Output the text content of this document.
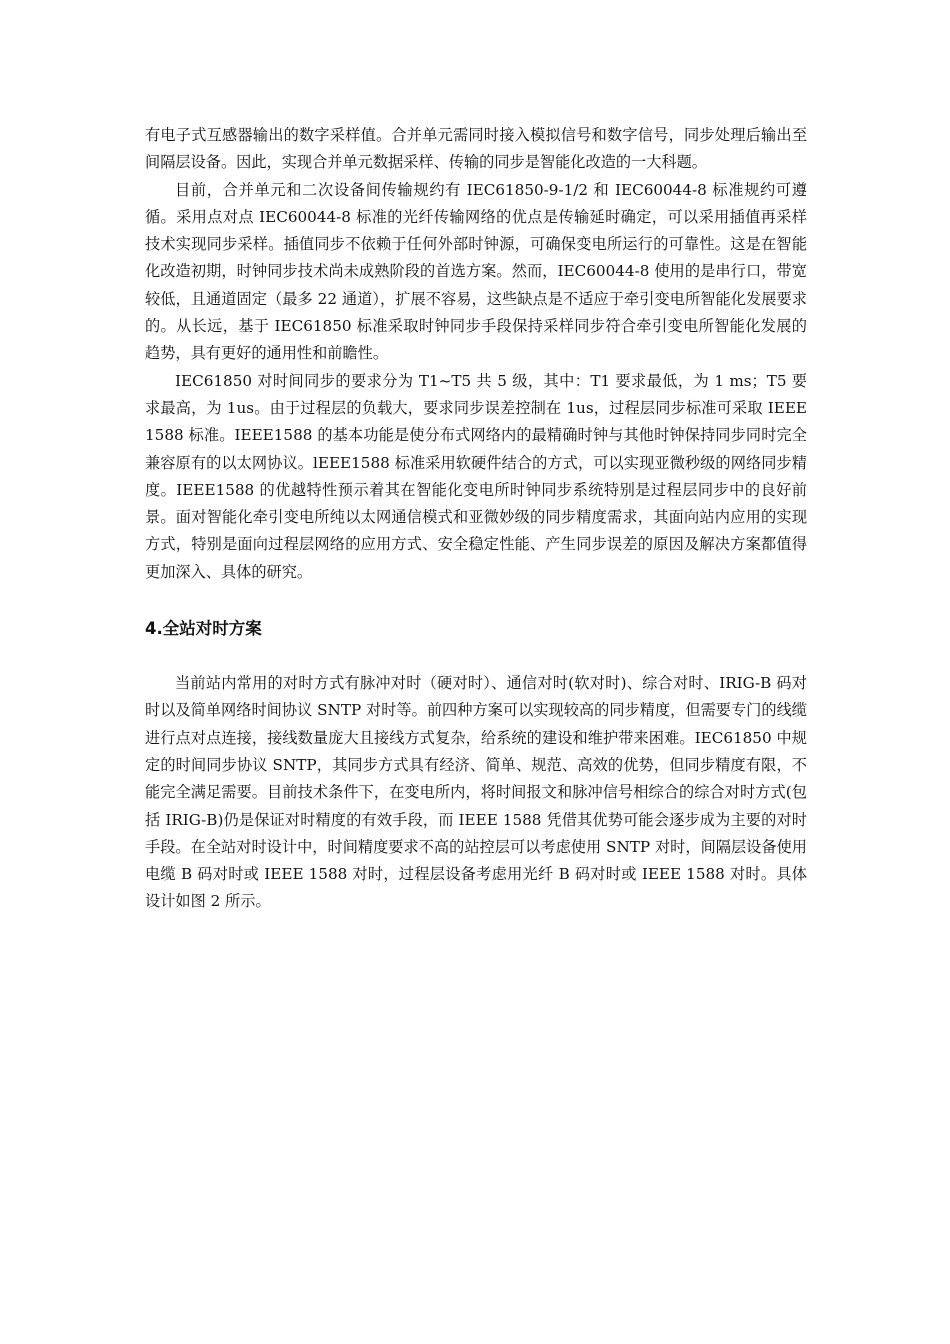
有电子式互感器输出的数字采样值。合并单元需同时接入模拟信号和数字信号，同步处理后输出至间隔层设备。因此，实现合并单元数据采样、传输的同步是智能化改造的一大科题。

目前，合并单元和二次设备间传输规约有 IEC61850-9-1/2 和 IEC60044-8 标准规约可遵循。采用点对点 IEC60044-8 标准的光纤传输网络的优点是传输延时确定，可以采用插值再采样技术实现同步采样。插值同步不依赖于任何外部时钟源，可确保变电所运行的可靠性。这是在智能化改造初期，时钟同步技术尚未成熟阶段的首选方案。然而，IEC60044-8 使用的是串行口，带宽较低，且通道固定（最多 22 通道），扩展不容易，这些缺点是不适应于牵引变电所智能化发展要求的。从长远，基于 IEC61850 标准采取时钟同步手段保持采样同步符合牵引变电所智能化发展的趋势，具有更好的通用性和前瞻性。

IEC61850 对时间同步的要求分为 T1~T5 共 5 级，其中：T1 要求最低，为 1 ms；T5 要求最高，为 1us。由于过程层的负载大，要求同步误差控制在 1us，过程层同步标准可采取 IEEE1588 标准。IEEE1588 的基本功能是使分布式网络内的最精确时钟与其他时钟保持同步同时完全兼容原有的以太网协议。lEEE1588 标准采用软硬件结合的方式，可以实现亚微秒级的网络同步精度。IEEE1588 的优越特性预示着其在智能化变电所时钟同步系统特别是过程层同步中的良好前景。面对智能化牵引变电所纯以太网通信模式和亚微妙级的同步精度需求，其面向站内应用的实现方式，特别是面向过程层网络的应用方式、安全稳定性能、产生同步误差的原因及解决方案都值得更加深入、具体的研究。

4.全站对时方案

当前站内常用的对时方式有脉冲对时（硬对时）、通信对时(软对时)、综合对时、IRIG-B 码对时以及简单网络时间协议 SNTP 对时等。前四种方案可以实现较高的同步精度，但需要专门的线缆进行点对点连接，接线数量庞大且接线方式复杂，给系统的建设和维护带来困难。IEC61850 中规定的时间同步协议 SNTP，其同步方式具有经济、简单、规范、高效的优势，但同步精度有限，不能完全满足需要。目前技术条件下，在变电所内，将时间报文和脉冲信号相综合的综合对时方式(包括 IRIG-B)仍是保证对时精度的有效手段，而 IEEE 1588 凭借其优势可能会逐步成为主要的对时手段。在全站对时设计中，时间精度要求不高的站控层可以考虑使用 SNTP 对时，间隔层设备使用电缆 B 码对时或 IEEE 1588 对时，过程层设备考虑用光纤 B 码对时或 IEEE 1588 对时。具体设计如图 2 所示。
